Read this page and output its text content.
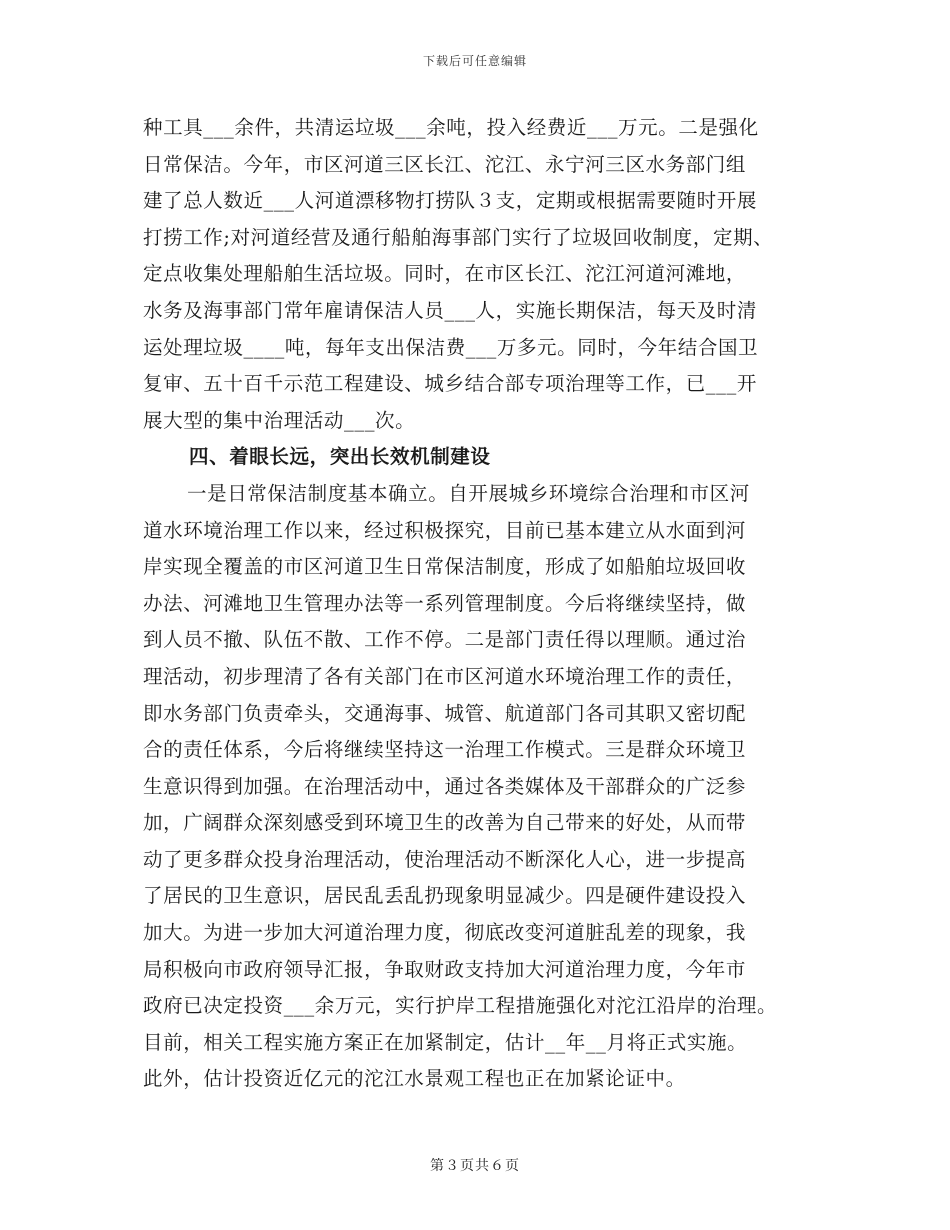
下载后可任意编辑
种工具___余件，共清运垃圾___余吨，投入经费近___万元。二是强化
日常保洁。今年，市区河道三区长江、沱江、永宁河三区水务部门组
建了总人数近___人河道漂移物打捞队３支，定期或根据需要随时开展
打捞工作;对河道经营及通行船舶海事部门实行了垃圾回收制度，定期、
定点收集处理船舶生活垃圾。同时，在市区长江、沱江河道河滩地，
水务及海事部门常年雇请保洁人员___人，实施长期保洁，每天及时清
运处理垃圾____吨，每年支出保洁费___万多元。同时，今年结合国卫
复审、五十百千示范工程建设、城乡结合部专项治理等工作，已___开
展大型的集中治理活动___次。
四、着眼长远，突出长效机制建设
一是日常保洁制度基本确立。自开展城乡环境综合治理和市区河
道水环境治理工作以来，经过积极探究，目前已基本建立从水面到河
岸实现全覆盖的市区河道卫生日常保洁制度，形成了如船舶垃圾回收
办法、河滩地卫生管理办法等一系列管理制度。今后将继续坚持，做
到人员不撤、队伍不散、工作不停。二是部门责任得以理顺。通过治
理活动，初步理清了各有关部门在市区河道水环境治理工作的责任，
即水务部门负责牵头，交通海事、城管、航道部门各司其职又密切配
合的责任体系，今后将继续坚持这一治理工作模式。三是群众环境卫
生意识得到加强。在治理活动中，通过各类媒体及干部群众的广泛参
加，广阔群众深刻感受到环境卫生的改善为自己带来的好处，从而带
动了更多群众投身治理活动，使治理活动不断深化人心，进一步提高
了居民的卫生意识，居民乱丢乱扔现象明显减少。四是硬件建设投入
加大。为进一步加大河道治理力度，彻底改变河道脏乱差的现象，我
局积极向市政府领导汇报，争取财政支持加大河道治理力度，今年市
政府已决定投资___余万元，实行护岸工程措施强化对沱江沿岸的治理。
目前，相关工程实施方案正在加紧制定，估计__年__月将正式实施。
此外，估计投资近亿元的沱江水景观工程也正在加紧论证中。
第３页共６页
